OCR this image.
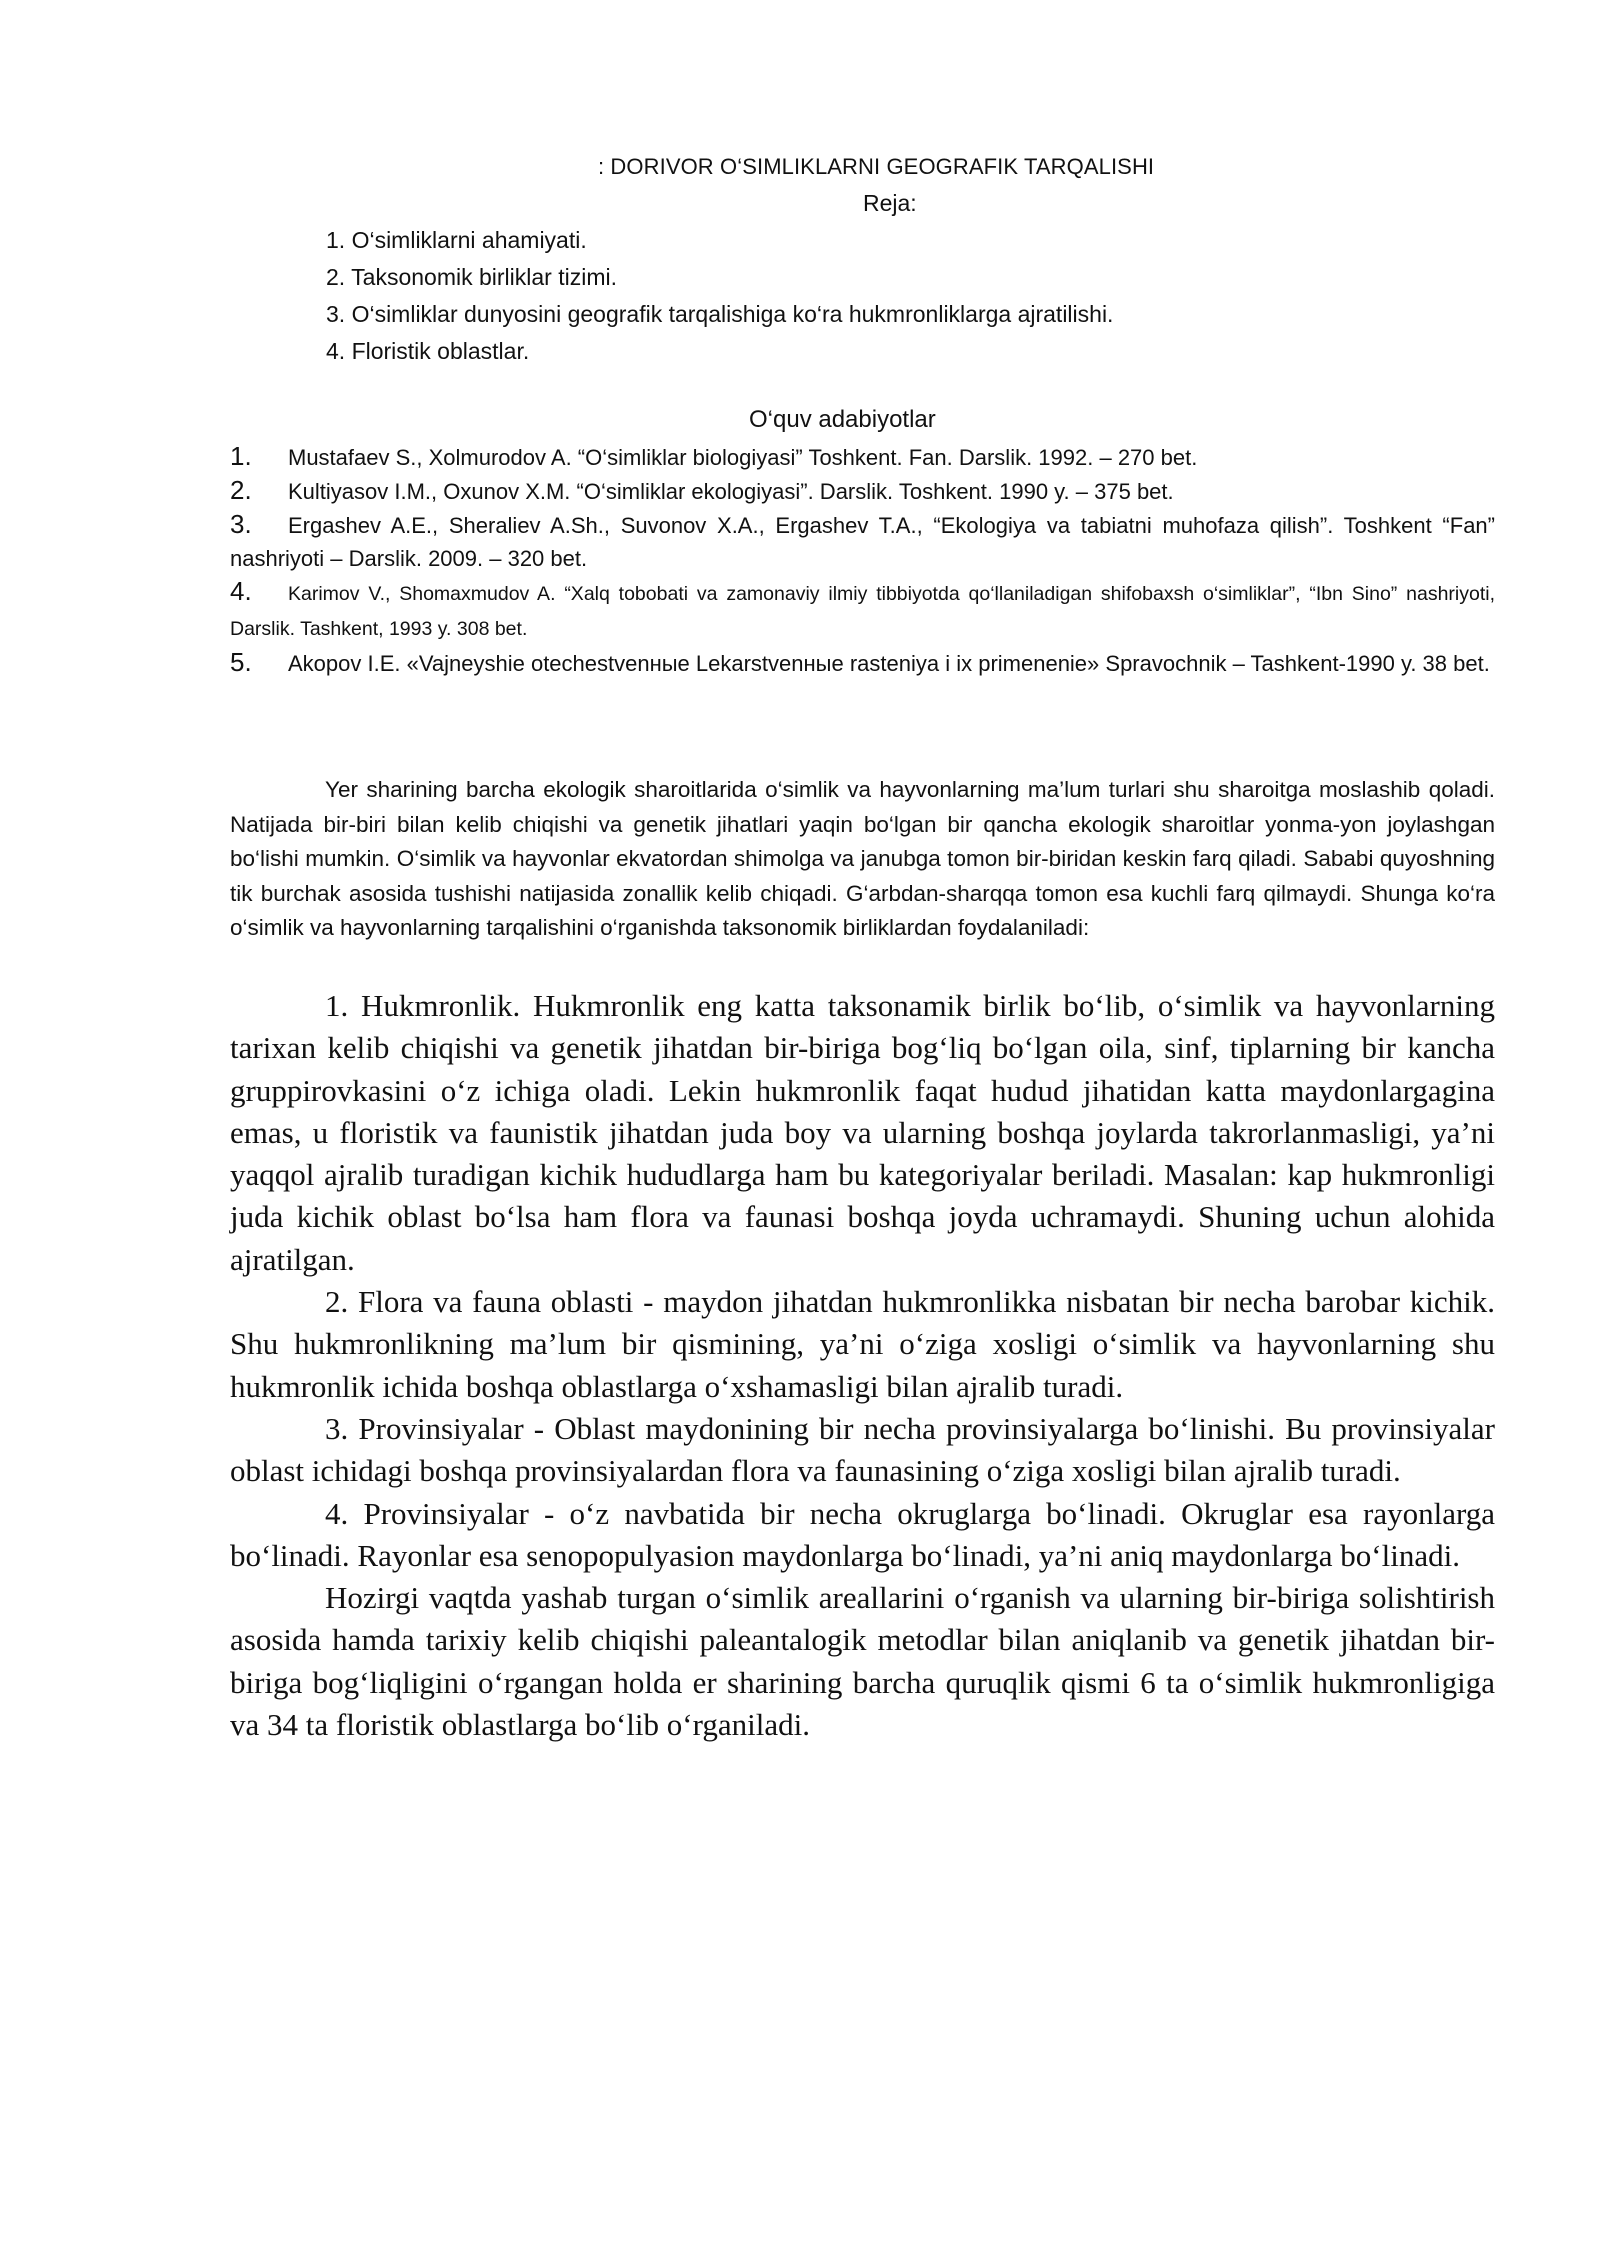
: DORIVOR O‘SIMLIKLARNI GEOGRAFIK TARQALISHI
Reja:
1. O‘simliklarni ahamiyati.
2. Taksonomik birliklar tizimi.
3. O‘simliklar dunyosini geografik tarqalishiga ko‘ra hukmronliklarga ajratilishi.
4. Floristik oblastlar.
O‘quv adabiyotlar
1. Mustafaev S., Xolmurodov A. “O‘simliklar biologiyasi” Toshkent. Fan. Darslik. 1992. – 270 bet.
2. Kultiyasov I.M., Oxunov X.M. “O‘simliklar ekologiyasi”. Darslik. Toshkent. 1990 y. – 375 bet.
3. Ergashev A.E., Sheraliev A.Sh., Suvonov X.A., Ergashev T.A., “Ekologiya va tabiatni muhofaza qilish”. Toshkent “Fan” nashriyoti – Darslik. 2009. – 320 bet.
4. Karimov V., Shomaxmudov A. “Xalq tobobati va zamonaviy ilmiy tibbiyotda qo‘llaniladigan shifobaxsh o‘simliklar”, “Ibn Sino” nashriyoti, Darslik. Tashkent, 1993 y. 308 bet.
5. Akopov I.E. «Vajneyshie otechestvenныe Lekarstvenныe rasteniya i ix primenenie» Spravochnik – Tashkent-1990 y. 38 bet.

Yer sharining barcha ekologik sharoitlarida o‘simlik va hayvonlarning ma’lum turlari shu sharoitga moslashib qoladi. Natijada bir-biri bilan kelib chiqishi va genetik jihatlari yaqin bo‘lgan bir qancha ekologik sharoitlar yonma-yon joylashgan bo‘lishi mumkin. O‘simlik va hayvonlar ekvatordan shimolga va janubga tomon bir-biridan keskin farq qiladi. Sababi quyoshning tik burchak asosida tushishi natijasida zonallik kelib chiqadi. G‘arbdan-sharqqa tomon esa kuchli farq qilmaydi. Shunga ko‘ra o‘simlik va hayvonlarning tarqalishini o‘rganishda taksonomik birliklardan foydalaniladi:

1. Hukmronlik. Hukmronlik eng katta taksonamik birlik bo‘lib, o‘simlik va hayvonlarning tarixan kelib chiqishi va genetik jihatdan bir-biriga bog‘liq bo‘lgan oila, sinf, tiplarning bir kancha gruppirovkasini o‘z ichiga oladi. Lekin hukmronlik faqat hudud jihatidan katta maydonlargagina emas, u floristik va faunistik jihatdan juda boy va ularning boshqa joylarda takrorlanmasligi, ya’ni yaqqol ajralib turadigan kichik hududlarga ham bu kategoriyalar beriladi. Masalan: kap hukmronligi juda kichik oblast bo‘lsa ham flora va faunasi boshqa joyda uchramaydi. Shuning uchun alohida ajratilgan.

2. Flora va fauna oblasti - maydon jihatdan hukmronlikka nisbatan bir necha barobar kichik. Shu hukmronlikning ma’lum bir qismining, ya’ni o‘ziga xosligi o‘simlik va hayvonlarning shu hukmronlik ichida boshqa oblastlarga o‘xshamasligi bilan ajralib turadi.

3. Provinsiyalar - Oblast maydonining bir necha provinsiyalarga bo‘linishi. Bu provinsiyalar oblast ichidagi boshqa provinsiyalardan flora va faunasining o‘ziga xosligi bilan ajralib turadi.

4. Provinsiyalar - o‘z navbatida bir necha okruglarga bo‘linadi. Okruglar esa rayonlarga bo‘linadi. Rayonlar esa senopopulyasion maydonlarga bo‘linadi, ya’ni aniq maydonlarga bo‘linadi.

Hozirgi vaqtda yashab turgan o‘simlik areallarini o‘rganish va ularning bir-biriga solishtirish asosida hamda tarixiy kelib chiqishi paleantalogik metodlar bilan aniqlanib va genetik jihatdan bir-biriga bog‘liqligini o‘rgangan holda er sharining barcha quruqlik qismi 6 ta o‘simlik hukmronligiga va 34 ta floristik oblastlarga bo‘lib o‘rganiladi.
